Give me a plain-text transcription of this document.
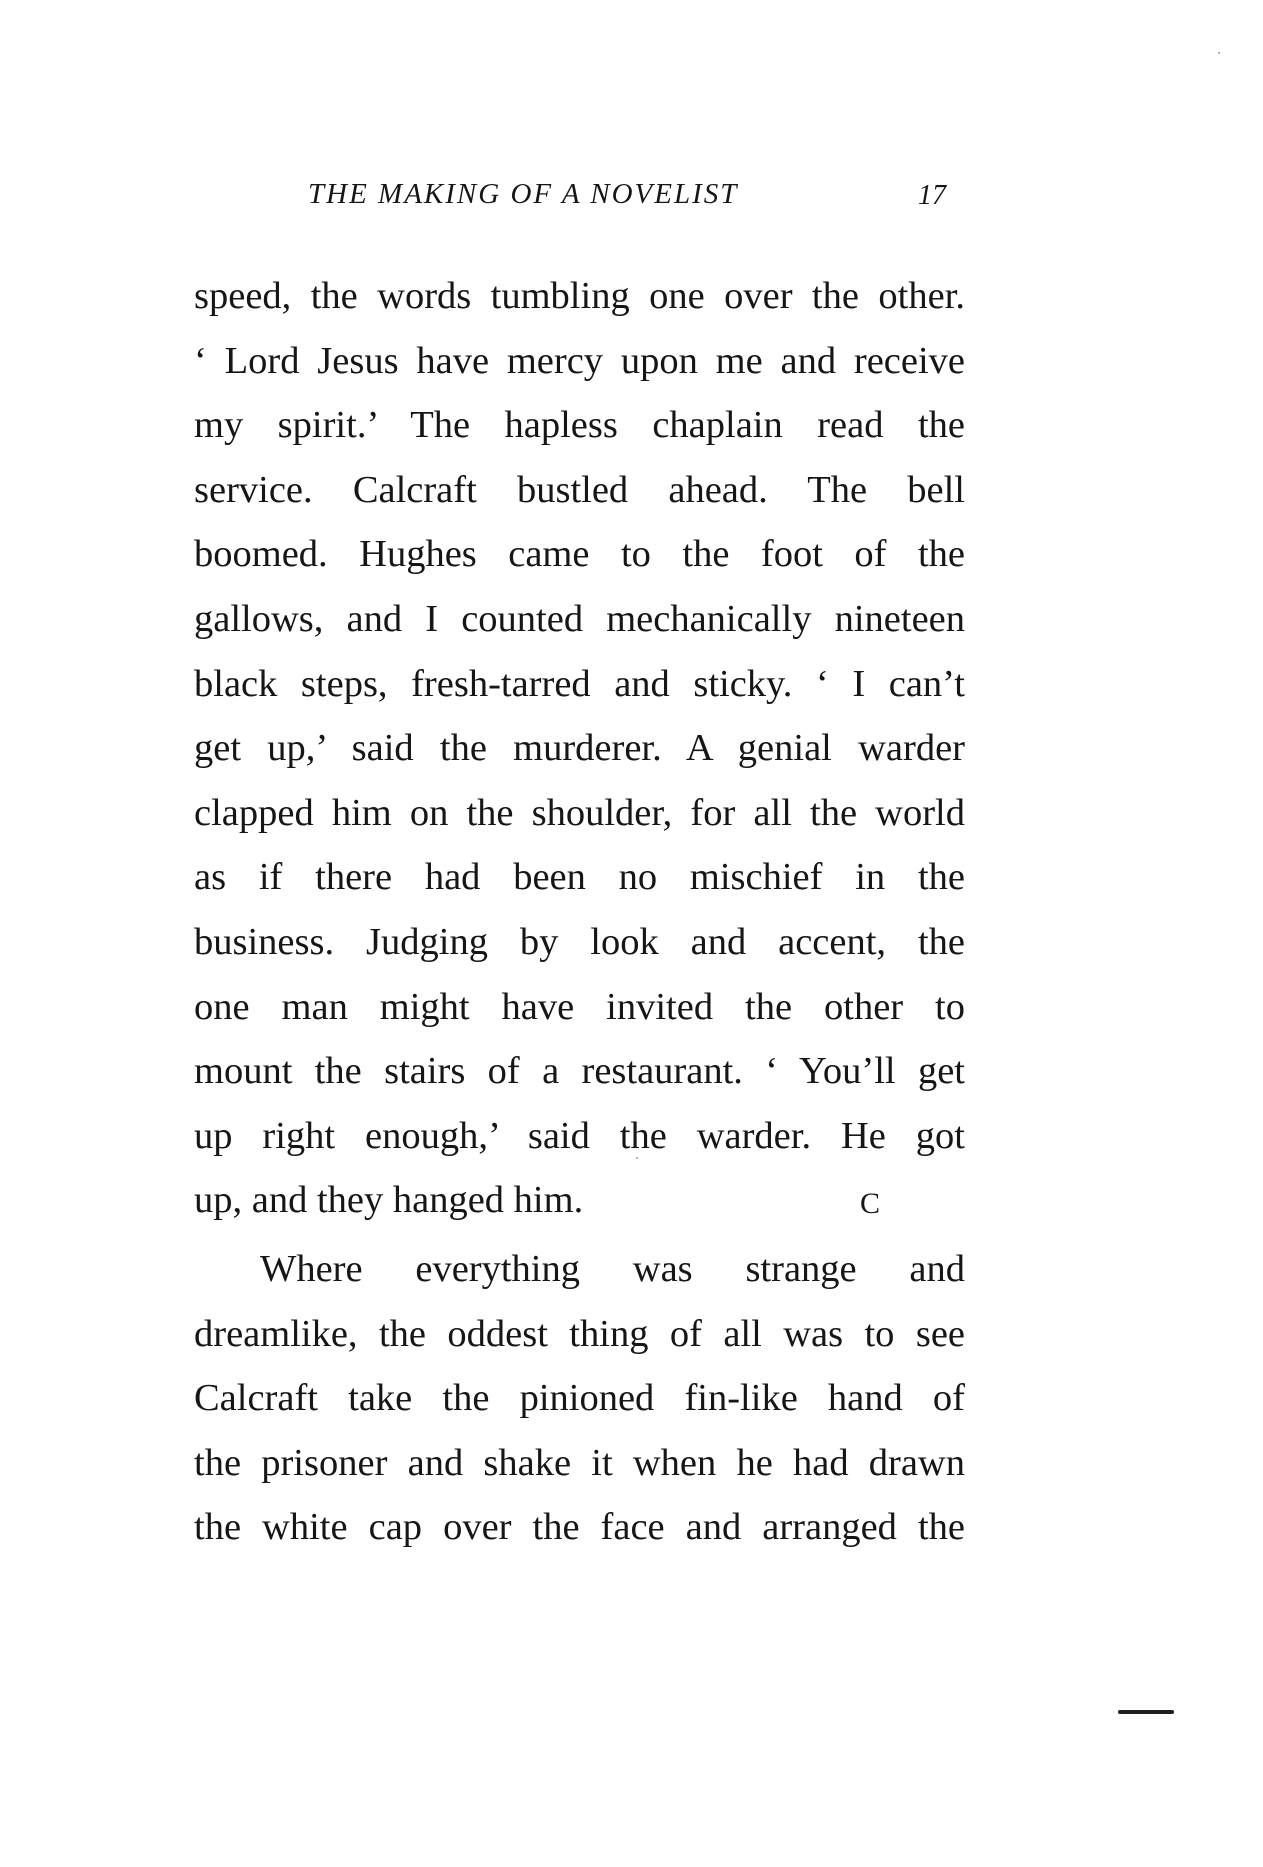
THE MAKING OF A NOVELIST	17
speed, the words tumbling one over the other.
‘ Lord Jesus have mercy upon me and receive
my spirit.’ The hapless chaplain read the
service. Calcraft bustled ahead. The bell
boomed. Hughes came to the foot of the
gallows, and I counted mechanically nineteen
black steps, fresh-tarred and sticky. ‘ I can’t
get up,’ said the murderer. A genial warder
clapped him on the shoulder, for all the world
as if there had been no mischief in the
business. Judging by look and accent, the
one man might have invited the other to
mount the stairs of a restaurant. ‘ You’ll get
up right enough,’ said the warder. He got
up, and they hanged him.
Where everything was strange and
dreamlike, the oddest thing of all was to see
Calcraft take the pinioned fin-like hand of
the prisoner and shake it when he had drawn
the white cap over the face and arranged the
C
